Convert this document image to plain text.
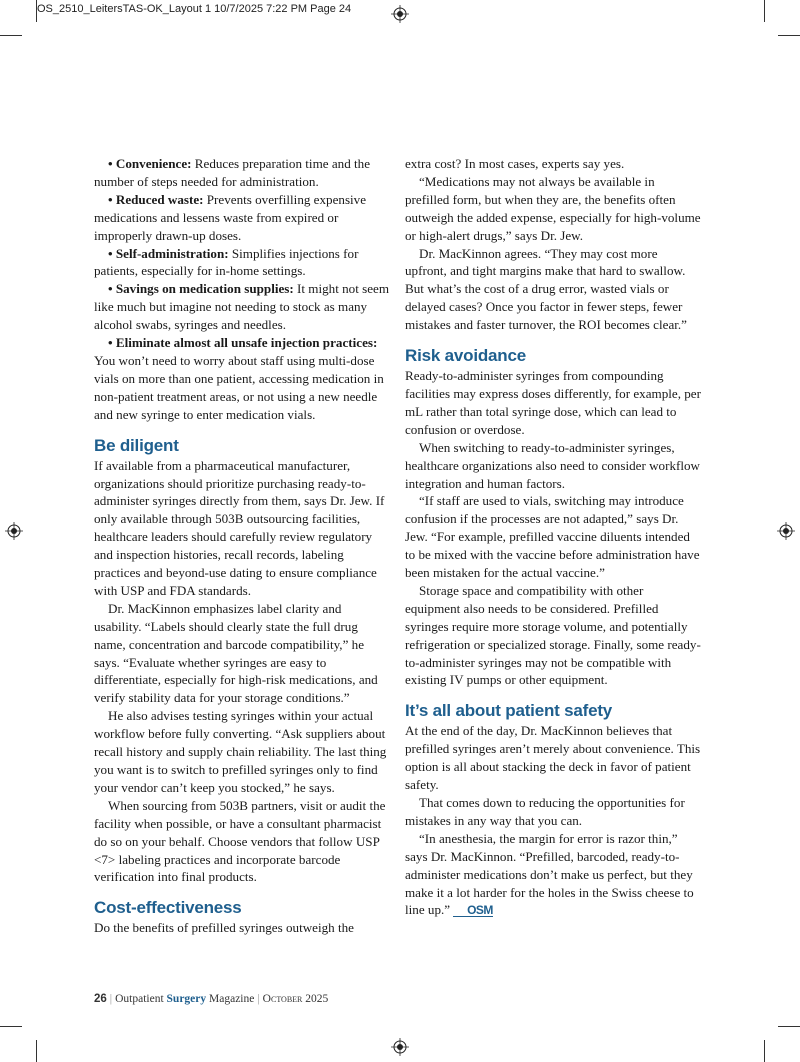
OS_2510_LeitersTAS-OK_Layout 1 10/7/2025 7:22 PM Page 24

• Convenience: Reduces preparation time and the number of steps needed for administration.

• Reduced waste: Prevents overfilling expensive medications and lessens waste from expired or improperly drawn-up doses.

• Self-administration: Simplifies injections for patients, especially for in-home settings.

• Savings on medication supplies: It might not seem like much but imagine not needing to stock as many alcohol swabs, syringes and needles.

• Eliminate almost all unsafe injection practices: You won’t need to worry about staff using multi-dose vials on more than one patient, accessing medication in non-patient treatment areas, or not using a new needle and new syringe to enter medication vials.

Be diligent

If available from a pharmaceutical manufacturer, organizations should prioritize purchasing ready-to-administer syringes directly from them, says Dr. Jew. If only available through 503B outsourcing facilities, healthcare leaders should carefully review regulatory and inspection histories, recall records, labeling practices and beyond-use dating to ensure compliance with USP and FDA standards.

Dr. MacKinnon emphasizes label clarity and usability. “Labels should clearly state the full drug name, concentration and barcode compatibility,” he says. “Evaluate whether syringes are easy to differentiate, especially for high-risk medications, and verify stability data for your storage conditions.”

He also advises testing syringes within your actual workflow before fully converting. “Ask suppliers about recall history and supply chain reliability. The last thing you want is to switch to prefilled syringes only to find your vendor can’t keep you stocked,” he says.

When sourcing from 503B partners, visit or audit the facility when possible, or have a consultant pharmacist do so on your behalf. Choose vendors that follow USP <7> labeling practices and incorporate barcode verification into final products.

Cost-effectiveness

Do the benefits of prefilled syringes outweigh the

extra cost? In most cases, experts say yes.

“Medications may not always be available in prefilled form, but when they are, the benefits often outweigh the added expense, especially for high-volume or high-alert drugs,” says Dr. Jew.

Dr. MacKinnon agrees. “They may cost more upfront, and tight margins make that hard to swallow. But what’s the cost of a drug error, wasted vials or delayed cases? Once you factor in fewer steps, fewer mistakes and faster turnover, the ROI becomes clear.”

Risk avoidance

Ready-to-administer syringes from compounding facilities may express doses differently, for example, per mL rather than total syringe dose, which can lead to confusion or overdose.

When switching to ready-to-administer syringes, healthcare organizations also need to consider workflow integration and human factors.

“If staff are used to vials, switching may introduce confusion if the processes are not adapted,” says Dr. Jew. “For example, prefilled vaccine diluents intended to be mixed with the vaccine before administration have been mistaken for the actual vaccine.”

Storage space and compatibility with other equipment also needs to be considered. Prefilled syringes require more storage volume, and potentially refrigeration or specialized storage. Finally, some ready-to-administer syringes may not be compatible with existing IV pumps or other equipment.

It’s all about patient safety

At the end of the day, Dr. MacKinnon believes that prefilled syringes aren’t merely about convenience. This option is all about stacking the deck in favor of patient safety.

That comes down to reducing the opportunities for mistakes in any way that you can.

“In anesthesia, the margin for error is razor thin,” says Dr. MacKinnon. “Prefilled, barcoded, ready-to-administer medications don’t make us perfect, but they make it a lot harder for the holes in the Swiss cheese to line up.” OSM

26 | Outpatient Surgery Magazine | October 2025
